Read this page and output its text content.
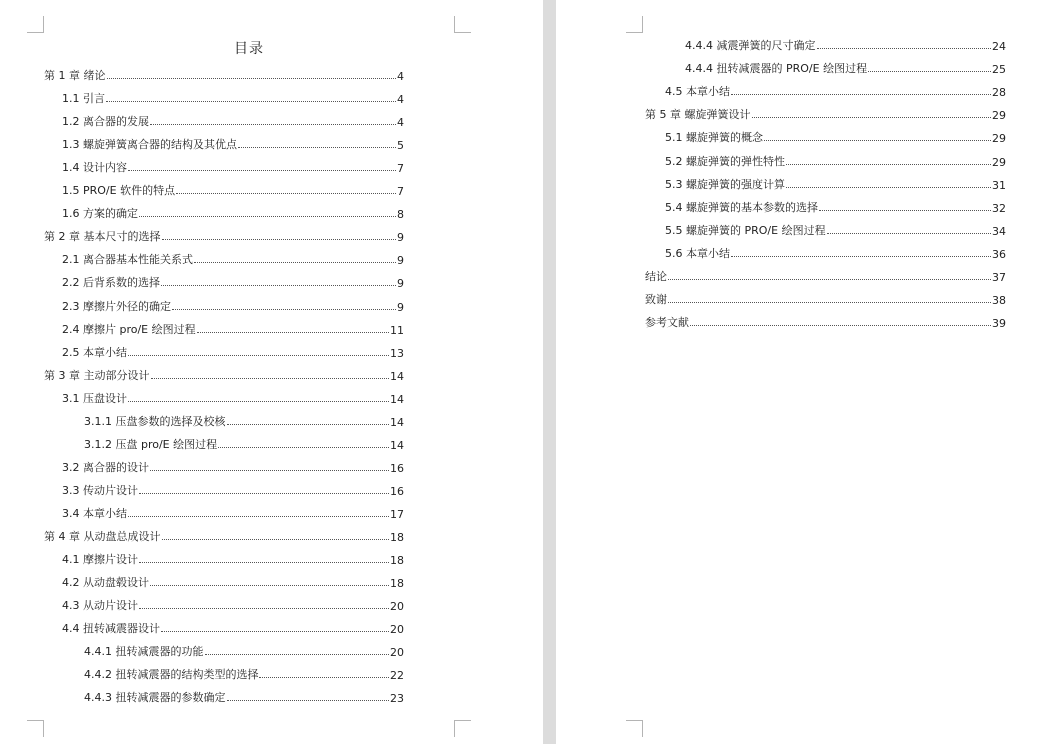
目录
第 1 章 绪论	4
1.1 引言	4
1.2 离合器的发展	4
1.3 螺旋弹簧离合器的结构及其优点	5
1.4 设计内容	7
1.5 PRO/E 软件的特点	7
1.6 方案的确定	8
第 2 章 基本尺寸的选择	9
2.1 离合器基本性能关系式	9
2.2 后背系数的选择	9
2.3 摩擦片外径的确定	9
2.4 摩擦片 pro/E 绘图过程	11
2.5 本章小结	13
第 3 章 主动部分设计	14
3.1 压盘设计	14
3.1.1 压盘参数的选择及校核	14
3.1.2 压盘 pro/E 绘图过程	14
3.2 离合器的设计	16
3.3 传动片设计	16
3.4 本章小结	17
第 4 章 从动盘总成设计	18
4.1 摩擦片设计	18
4.2 从动盘毂设计	18
4.3 从动片设计	20
4.4 扭转减震器设计	20
4.4.1 扭转减震器的功能	20
4.4.2 扭转减震器的结构类型的选择	22
4.4.3 扭转减震器的参数确定	23
4.4.4 减震弹簧的尺寸确定	24
4.4.4 扭转减震器的 PRO/E 绘图过程	25
4.5 本章小结	28
第 5 章 螺旋弹簧设计	29
5.1 螺旋弹簧的概念	29
5.2 螺旋弹簧的弹性特性	29
5.3 螺旋弹簧的强度计算	31
5.4 螺旋弹簧的基本参数的选择	32
5.5 螺旋弹簧的 PRO/E 绘图过程	34
5.6 本章小结	36
结论	37
致谢	38
参考文献	39
